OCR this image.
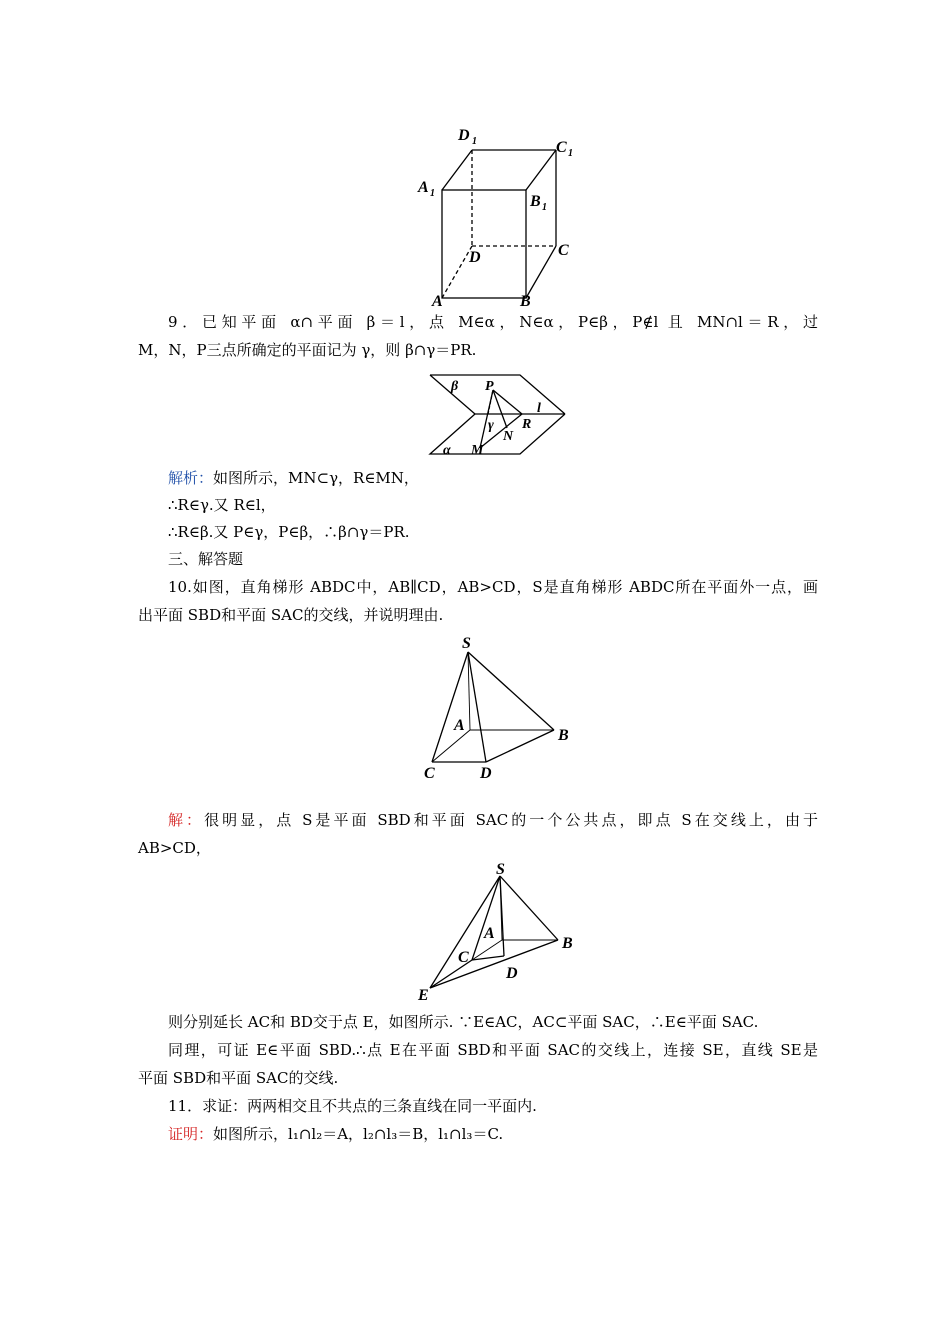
D 1	C 1
A 1	B 1
D	C
A	B
9．已知平面 α∩平面 β＝l，点 M∈α，N∈α，P∈β，P∉l 且 MN∩l＝R，过
M，N，P三点所确定的平面记为 γ，则 β∩γ＝PR.
β P
l
γ R
N
α M
解析：如图所示，MN⊂γ，R∈MN，
∴R∈γ.又 R∈l，
∴R∈β.又 P∈γ，P∈β，∴β∩γ＝PR.
三、解答题
10.如图，直角梯形 ABDC中，AB∥CD，AB>CD，S是直角梯形 ABDC所在平面外一点，画
出平面 SBD和平面 SAC的交线，并说明理由.
S
A
B
C	D
解：很明显，点 S是平面 SBD和平面 SAC的一个公共点，即点 S在交线上，由于
AB>CD，
S
A
B
C
D
E
则分别延长 AC和 BD交于点 E，如图所示. ∵E∈AC，AC⊂平面 SAC，∴E∈平面 SAC.
同理，可证 E∈平面 SBD.∴点 E在平面 SBD和平面 SAC的交线上，连接 SE，直线 SE是
平面 SBD和平面 SAC的交线.
11．求证：两两相交且不共点的三条直线在同一平面内.
证明：如图所示，l₁∩l₂＝A，l₂∩l₃＝B，l₁∩l₃＝C.
